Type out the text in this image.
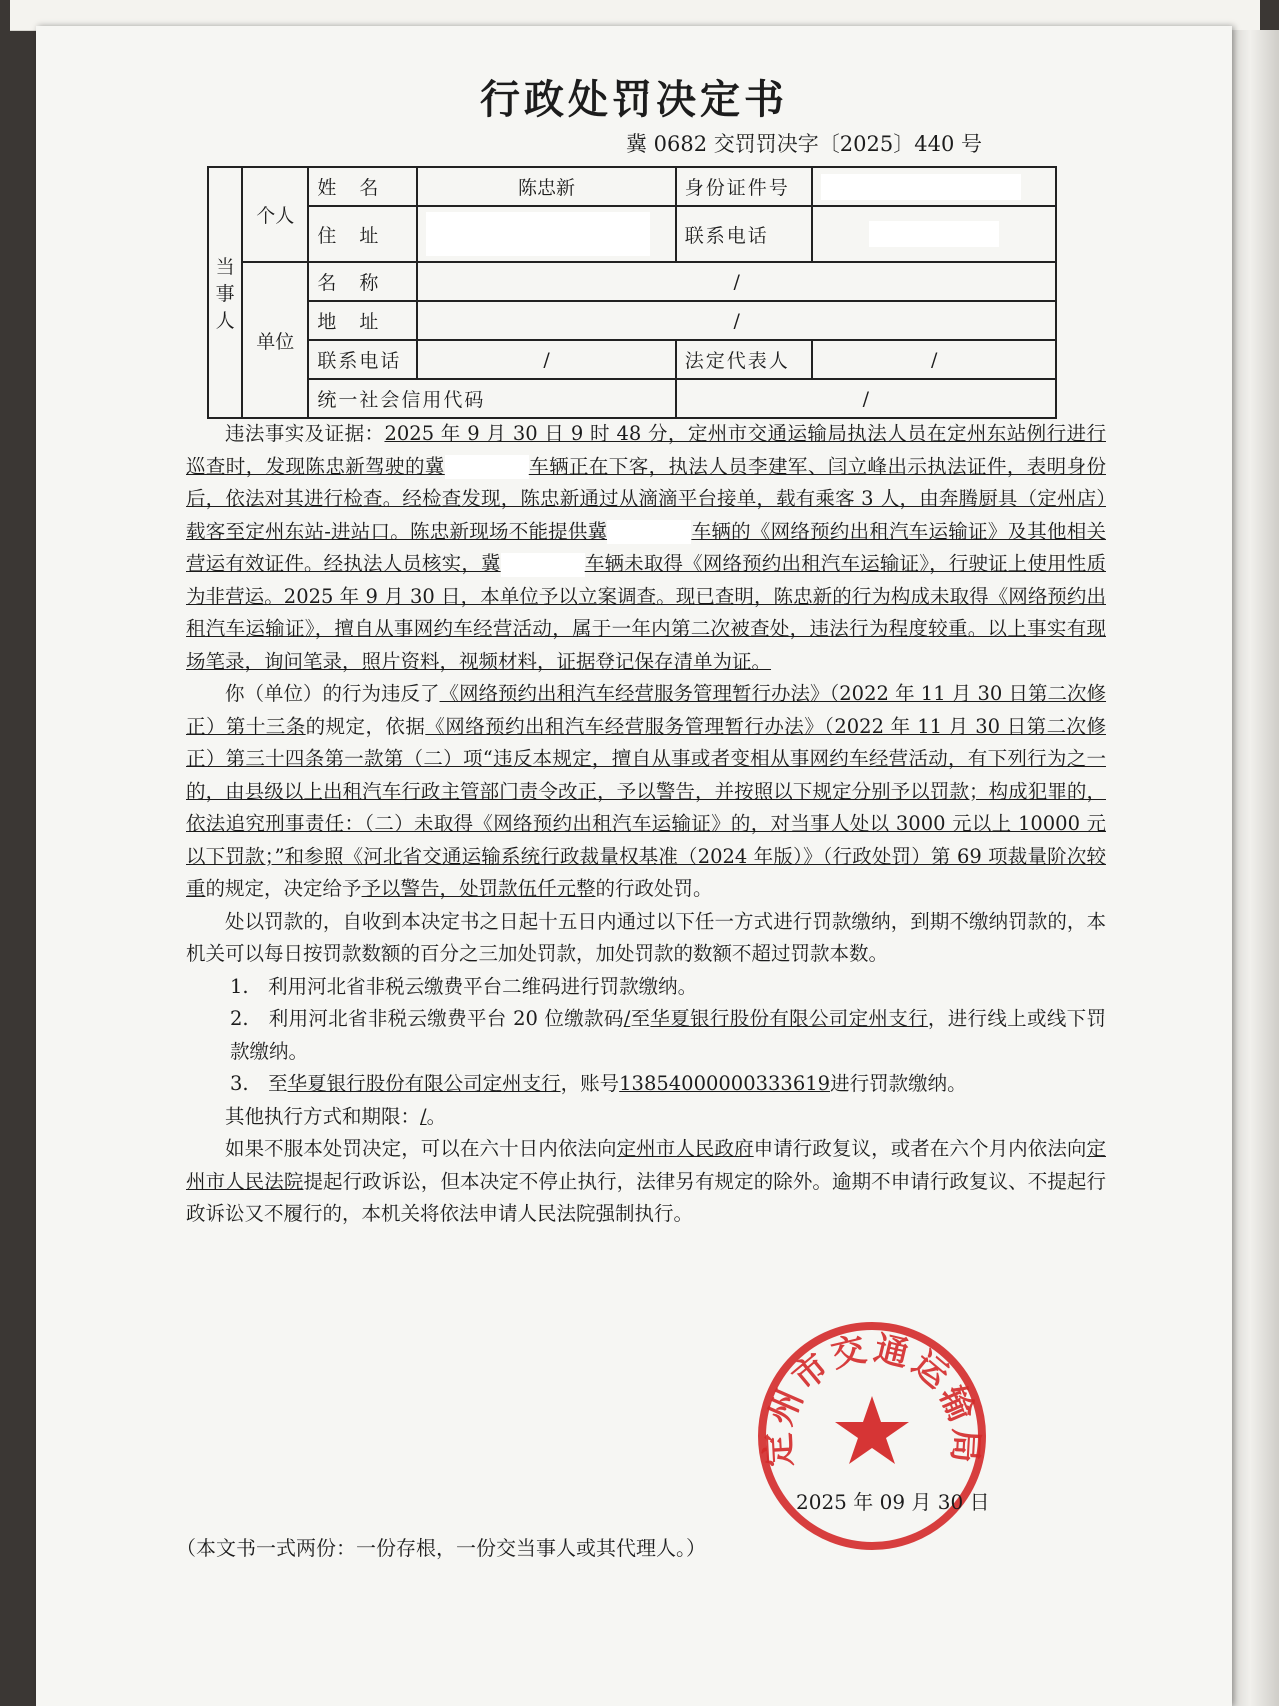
行政处罚决定书
冀 0682 交罚罚决字〔2025〕440 号
当事人	个人	姓　名	陈忠新	身份证件号	
		住　址		联系电话	
	单位	名　称	/		
		地　址	/		
		联系电话	/	法定代表人	/
		统一社会信用代码		/	

违法事实及证据：2025 年 9 月 30 日 9 时 48 分，定州市交通运输局执法人员在定州东站例行进行巡查时，发现陈忠新驾驶的冀	车辆正在下客，执法人员李建军、闫立峰出示执法证件，表明身份后，依法对其进行检查。经检查发现，陈忠新通过从滴滴平台接单，载有乘客 3 人，由奔腾厨具（定州店）载客至定州东站-进站口。陈忠新现场不能提供冀	车辆的《网络预约出租汽车运输证》及其他相关营运有效证件。经执法人员核实，冀	车辆未取得《网络预约出租汽车运输证》，行驶证上使用性质为非营运。2025 年 9 月 30 日，本单位予以立案调查。现已查明，陈忠新的行为构成未取得《网络预约出租汽车运输证》，擅自从事网约车经营活动，属于一年内第二次被查处，违法行为程度较重。以上事实有现场笔录，询问笔录，照片资料，视频材料，证据登记保存清单为证。

你（单位）的行为违反了《网络预约出租汽车经营服务管理暂行办法》（2022 年 11 月 30 日第二次修正）第十三条的规定，依据《网络预约出租汽车经营服务管理暂行办法》（2022 年 11 月 30 日第二次修正）第三十四条第一款第（二）项“违反本规定，擅自从事或者变相从事网约车经营活动，有下列行为之一的，由县级以上出租汽车行政主管部门责令改正，予以警告，并按照以下规定分别予以罚款；构成犯罪的，依法追究刑事责任：（二）未取得《网络预约出租汽车运输证》的，对当事人处以 3000 元以上 10000 元以下罚款；”和参照《河北省交通运输系统行政裁量权基准（2024 年版）》（行政处罚）第 69 项裁量阶次较重的规定，决定给予予以警告，处罚款伍仟元整的行政处罚。

处以罚款的，自收到本决定书之日起十五日内通过以下任一方式进行罚款缴纳，到期不缴纳罚款的，本机关可以每日按罚款数额的百分之三加处罚款，加处罚款的数额不超过罚款本数。

1.　利用河北省非税云缴费平台二维码进行罚款缴纳。

2.　利用河北省非税云缴费平台 20 位缴款码/至华夏银行股份有限公司定州支行，进行线上或线下罚款缴纳。

3.　至华夏银行股份有限公司定州支行，账号13854000000333619进行罚款缴纳。

其他执行方式和期限：/。

如果不服本处罚决定，可以在六十日内依法向定州市人民政府申请行政复议，或者在六个月内依法向定州市人民法院提起行政诉讼，但本决定不停止执行，法律另有规定的除外。逾期不申请行政复议、不提起行政诉讼又不履行的，本机关将依法申请人民法院强制执行。

定州市交通运输局
2025 年 09 月 30 日
（本文书一式两份：一份存根，一份交当事人或其代理人。）
